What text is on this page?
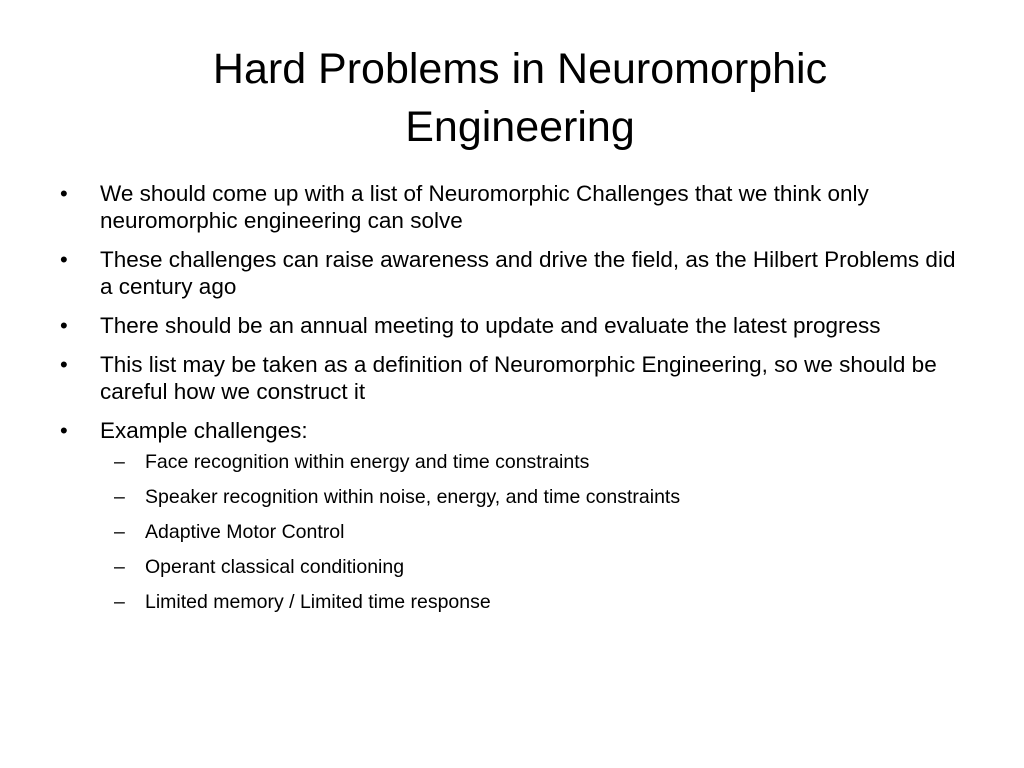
Hard Problems in Neuromorphic Engineering
• We should come up with a list of Neuromorphic Challenges that we think only neuromorphic engineering can solve
• These challenges can raise awareness and drive the field, as the Hilbert Problems did a century ago
• There should be an annual meeting to update and evaluate the latest progress
• This list may be taken as a definition of Neuromorphic Engineering, so we should be careful how we construct it
• Example challenges:
– Face recognition within energy and time constraints
– Speaker recognition within noise, energy, and time constraints
– Adaptive Motor Control
– Operant classical conditioning
– Limited memory / Limited time response
